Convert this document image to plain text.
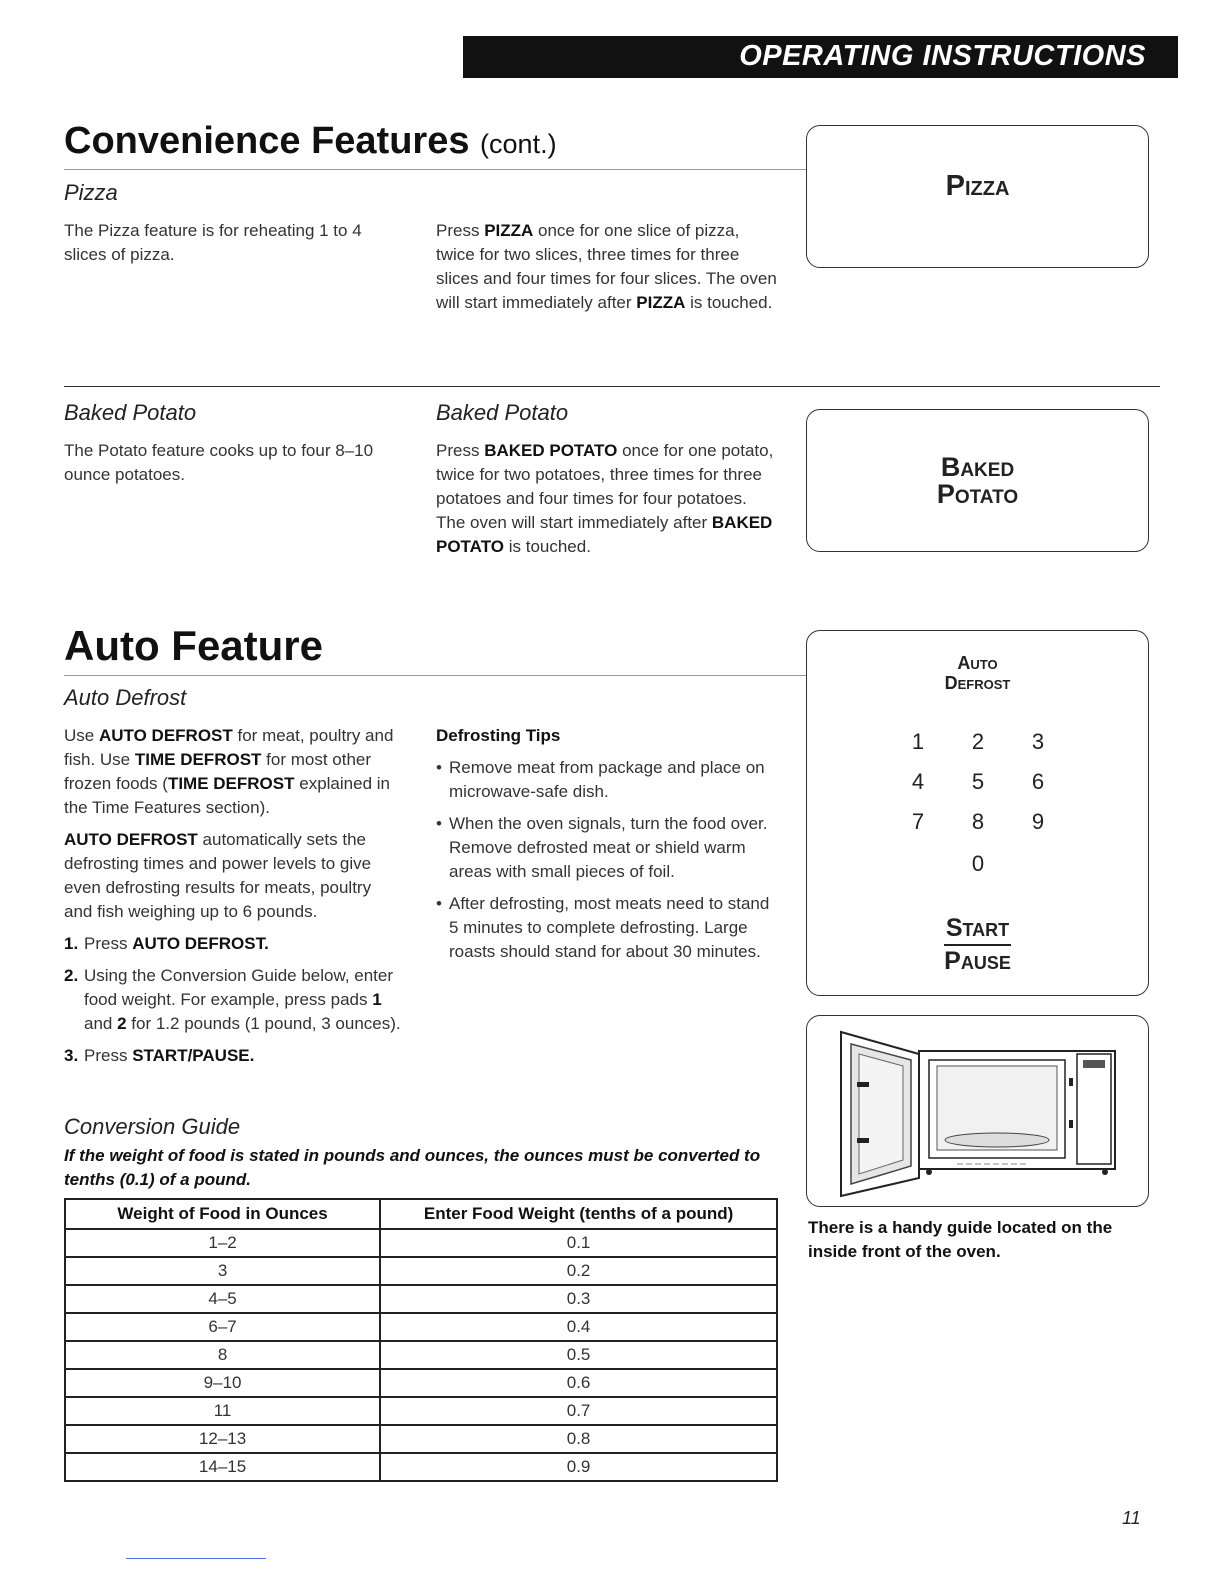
OPERATING INSTRUCTIONS
Convenience Features (cont.)
Pizza
The Pizza feature is for reheating 1 to 4 slices of pizza.
Press PIZZA once for one slice of pizza, twice for two slices, three times for three slices and four times for four slices. The oven will start immediately after PIZZA is touched.
Pizza
Baked Potato	Baked Potato
The Potato feature cooks up to four 8–10 ounce potatoes.
Press BAKED POTATO once for one potato, twice for two potatoes, three times for three potatoes and four times for four potatoes. The oven will start immediately after BAKED POTATO is touched.
Baked
Potato
Auto Feature
Auto Defrost
Use AUTO DEFROST for meat, poultry and fish. Use TIME DEFROST for most other frozen foods (TIME DEFROST explained in the Time Features section).
AUTO DEFROST automatically sets the defrosting times and power levels to give even defrosting results for meats, poultry and fish weighing up to 6 pounds.
1. Press AUTO DEFROST.
2. Using the Conversion Guide below, enter food weight. For example, press pads 1 and 2 for 1.2 pounds (1 pound, 3 ounces).
3. Press START/PAUSE.
Defrosting Tips
• Remove meat from package and place on microwave-safe dish.
• When the oven signals, turn the food over. Remove defrosted meat or shield warm areas with small pieces of foil.
• After defrosting, most meats need to stand 5 minutes to complete defrosting. Large roasts should stand for about 30 minutes.
Auto
Defrost
1	2	3
4	5	6
7	8	9
0
Start
Pause
There is a handy guide located on the inside front of the oven.
Conversion Guide
If the weight of food is stated in pounds and ounces, the ounces must be converted to tenths (0.1) of a pound.
Weight of Food in Ounces	Enter Food Weight (tenths of a pound)
1–2	0.1
3	0.2
4–5	0.3
6–7	0.4
8	0.5
9–10	0.6
11	0.7
12–13	0.8
14–15	0.9
11
